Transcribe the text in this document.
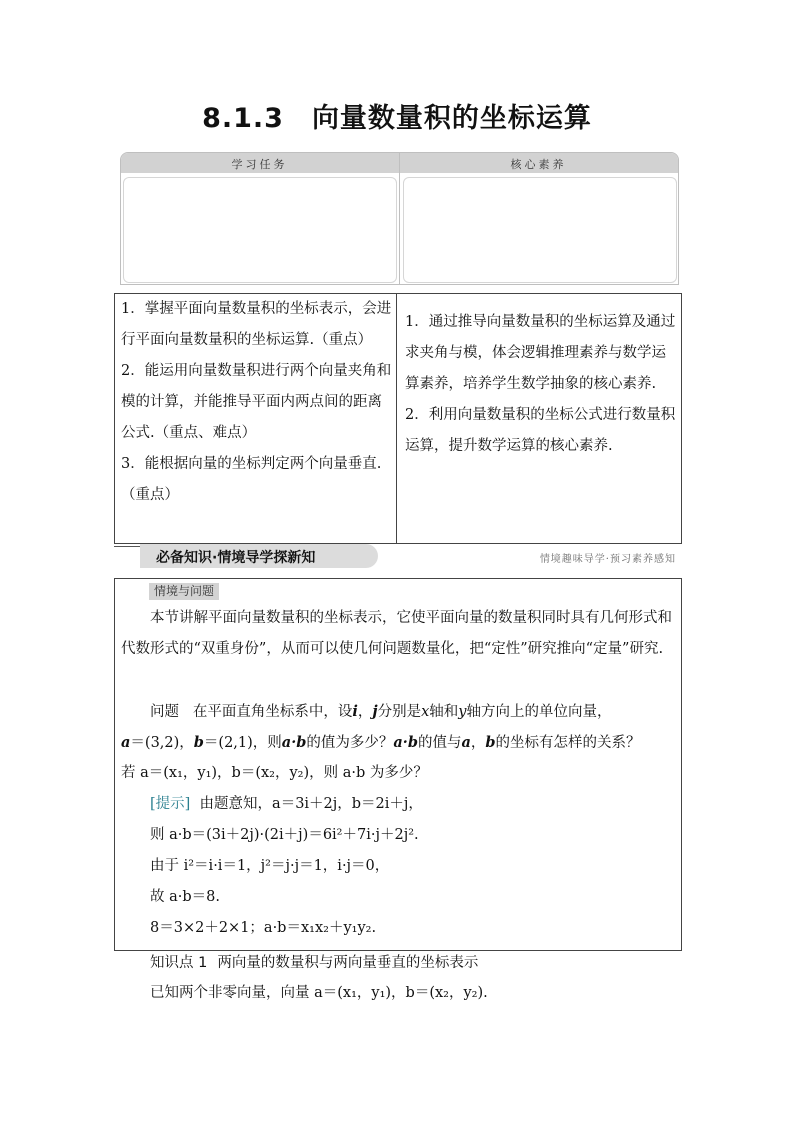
8.1.3 向量数量积的坐标运算
学习任务	核心素养
1．掌握平面向量数量积的坐标表示，会进行平面向量数量积的坐标运算.（重点）
2．能运用向量数量积进行两个向量夹角和模的计算，并能推导平面内两点间的距离公式.（重点、难点）
3．能根据向量的坐标判定两个向量垂直.（重点）
1．通过推导向量数量积的坐标运算及通过求夹角与模，体会逻辑推理素养与数学运算素养，培养学生数学抽象的核心素养.
2．利用向量数量积的坐标公式进行数量积运算，提升数学运算的核心素养.
必备知识·情境导学探新知	情境趣味导学·预习素养感知
情境与问题
本节讲解平面向量数量积的坐标表示，它使平面向量的数量积同时具有几何形式和代数形式的“双重身份”，从而可以使几何问题数量化，把“定性”研究推向“定量”研究.
问题 在平面直角坐标系中，设i，j分别是x轴和y轴方向上的单位向量，
a＝(3,2)，b＝(2,1)，则a·b的值为多少？a·b的值与a，b的坐标有怎样的关系？
若 a＝(x₁，y₁)，b＝(x₂，y₂)，则 a·b 为多少？
[提示] 由题意知，a＝3i＋2j，b＝2i＋j，
则 a·b＝(3i＋2j)·(2i＋j)＝6i²＋7i·j＋2j².
由于 i²＝i·i＝1，j²＝j·j＝1，i·j＝0，
故 a·b＝8.
8＝3×2＋2×1；a·b＝x₁x₂＋y₁y₂.
知识点 1 两向量的数量积与两向量垂直的坐标表示
已知两个非零向量，向量 a＝(x₁，y₁)，b＝(x₂，y₂).
